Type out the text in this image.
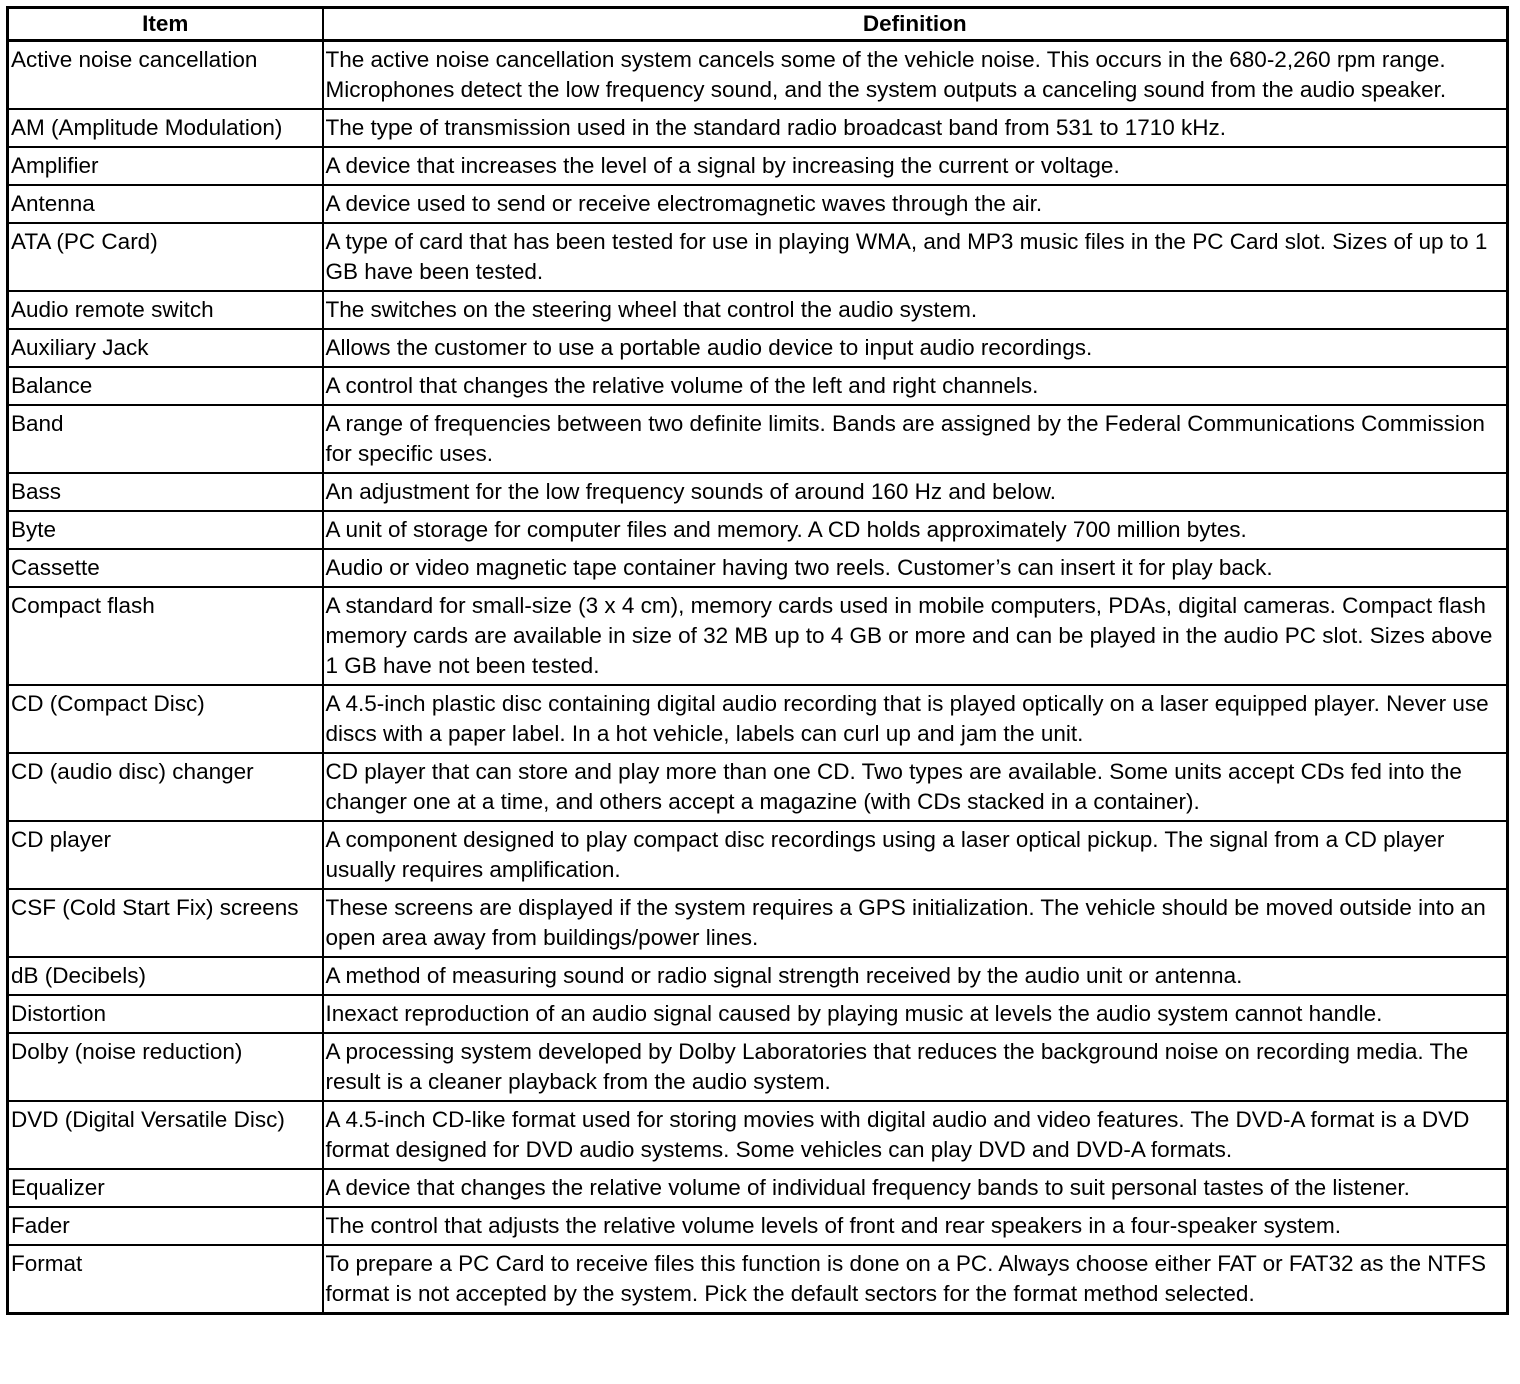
Item	Definition
Active noise cancellation	The active noise cancellation system cancels some of the vehicle noise. This occurs in the 680-2,260 rpm range. Microphones detect the low frequency sound, and the system outputs a canceling sound from the audio speaker.
AM (Amplitude Modulation)	The type of transmission used in the standard radio broadcast band from 531 to 1710 kHz.
Amplifier	A device that increases the level of a signal by increasing the current or voltage.
Antenna	A device used to send or receive electromagnetic waves through the air.
ATA (PC Card)	A type of card that has been tested for use in playing WMA, and MP3 music files in the PC Card slot. Sizes of up to 1 GB have been tested.
Audio remote switch	The switches on the steering wheel that control the audio system.
Auxiliary Jack	Allows the customer to use a portable audio device to input audio recordings.
Balance	A control that changes the relative volume of the left and right channels.
Band	A range of frequencies between two definite limits. Bands are assigned by the Federal Communications Commission for specific uses.
Bass	An adjustment for the low frequency sounds of around 160 Hz and below.
Byte	A unit of storage for computer files and memory. A CD holds approximately 700 million bytes.
Cassette	Audio or video magnetic tape container having two reels. Customer’s can insert it for play back.
Compact flash	A standard for small-size (3 x 4 cm), memory cards used in mobile computers, PDAs, digital cameras. Compact flash memory cards are available in size of 32 MB up to 4 GB or more and can be played in the audio PC slot. Sizes above 1 GB have not been tested.
CD (Compact Disc)	A 4.5-inch plastic disc containing digital audio recording that is played optically on a laser equipped player. Never use discs with a paper label. In a hot vehicle, labels can curl up and jam the unit.
CD (audio disc) changer	CD player that can store and play more than one CD. Two types are available. Some units accept CDs fed into the changer one at a time, and others accept a magazine (with CDs stacked in a container).
CD player	A component designed to play compact disc recordings using a laser optical pickup. The signal from a CD player usually requires amplification.
CSF (Cold Start Fix) screens	These screens are displayed if the system requires a GPS initialization. The vehicle should be moved outside into an open area away from buildings/power lines.
dB (Decibels)	A method of measuring sound or radio signal strength received by the audio unit or antenna.
Distortion	Inexact reproduction of an audio signal caused by playing music at levels the audio system cannot handle.
Dolby (noise reduction)	A processing system developed by Dolby Laboratories that reduces the background noise on recording media. The result is a cleaner playback from the audio system.
DVD (Digital Versatile Disc)	A 4.5-inch CD-like format used for storing movies with digital audio and video features. The DVD-A format is a DVD format designed for DVD audio systems. Some vehicles can play DVD and DVD-A formats.
Equalizer	A device that changes the relative volume of individual frequency bands to suit personal tastes of the listener.
Fader	The control that adjusts the relative volume levels of front and rear speakers in a four-speaker system.
Format	To prepare a PC Card to receive files this function is done on a PC. Always choose either FAT or FAT32 as the NTFS format is not accepted by the system. Pick the default sectors for the format method selected.
